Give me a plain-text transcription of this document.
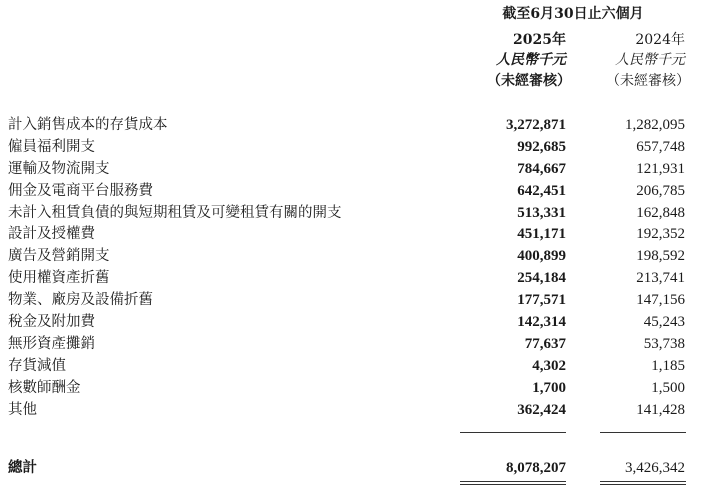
截至6月30日止六個月
2025年	2024年
人民幣千元	人民幣千元
（未經審核）	（未經審核）
計入銷售成本的存貨成本	3,272,871	1,282,095
僱員福利開支	992,685	657,748
運輸及物流開支	784,667	121,931
佣金及電商平台服務費	642,451	206,785
未計入租賃負債的與短期租賃及可變租賃有關的開支	513,331	162,848
設計及授權費	451,171	192,352
廣告及營銷開支	400,899	198,592
使用權資產折舊	254,184	213,741
物業、廠房及設備折舊	177,571	147,156
稅金及附加費	142,314	45,243
無形資產攤銷	77,637	53,738
存貨減值	4,302	1,185
核數師酬金	1,700	1,500
其他	362,424	141,428
總計	8,078,207	3,426,342
